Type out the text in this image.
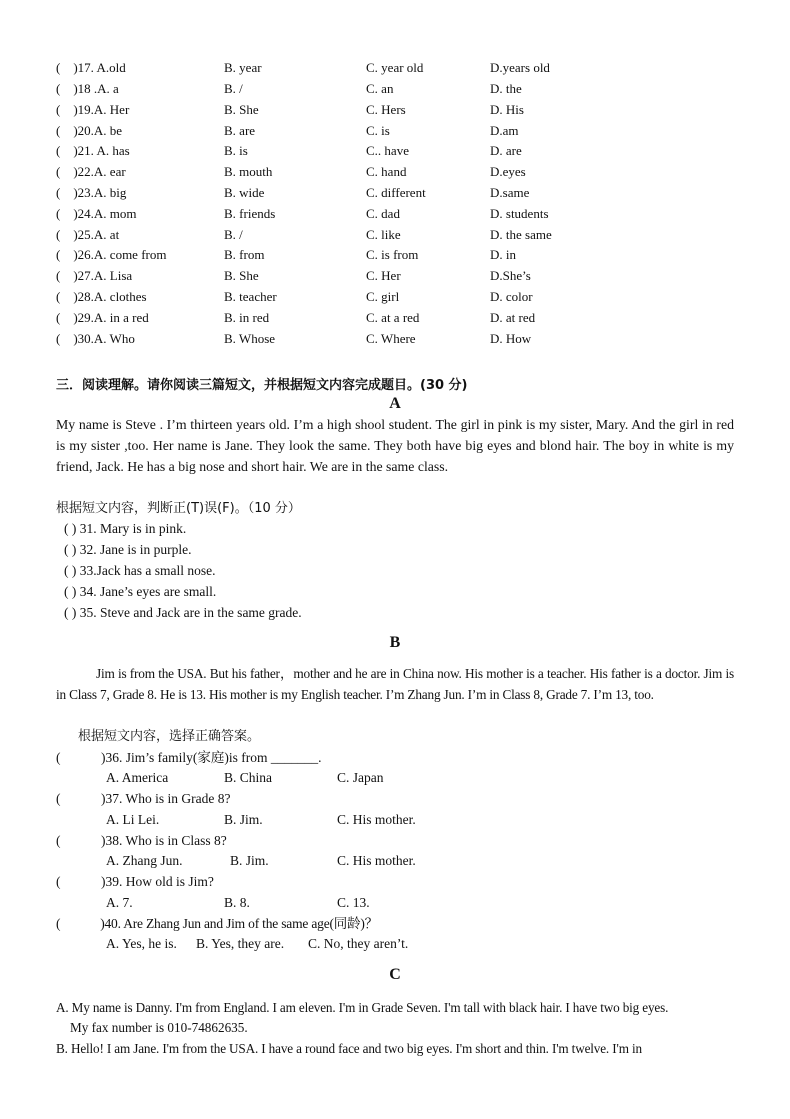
(　)17. A.old	B. year	C. year old	D.years old
(　)18 .A. a	B. /	C. an	D. the
(　)19.A. Her	B. She	C. Hers	D. His
(　)20.A. be	B. are	C. is	D.am
(　)21. A. has	B. is	C.. have	D. are
(　)22.A. ear	B. mouth	C. hand	D.eyes
(　)23.A. big	B. wide	C. different	D.same
(　)24.A. mom	B. friends	C. dad	D. students
(　)25.A. at	B. /	C. like	D. the same
(　)26.A. come from	B. from	C. is from	D. in
(　)27.A. Lisa	B. She	C. Her	D.She’s
(　)28.A. clothes	B. teacher	C. girl	D. color
(　)29.A. in a red	B. in red	C. at a red	D. at red
(　)30.A. Who	B. Whose	C. Where	D. How
三．阅读理解。请你阅读三篇短文，并根据短文内容完成题目。(30 分)
A
My name is Steve . I’m thirteen years old. I’m a high shool student. The girl in pink is my sister, Mary. And the girl in red is my sister ,too. Her name is Jane. They look the same. They both have big eyes and blond hair. The boy in white is my friend, Jack. He has a big nose and short hair. We are in the same class.
根据短文内容，判断正(T)误(F)。（10 分）
( ) 31. Mary is in pink.
( ) 32. Jane is in purple.
( ) 33.Jack has a small nose.
( ) 34. Jane’s eyes are small.
( ) 35. Steve and Jack are in the same grade.
B
Jim is from the USA. But his father，mother and he are in China now. His mother is a teacher. His father is a doctor. Jim is in Class 7, Grade 8. He is 13. His mother is my English teacher. I’m Zhang Jun. I’m in Class 8, Grade 7. I’m 13, too.
根据短文内容，选择正确答案。
(　　　)36. Jim’s family(家庭)is from _______.
A. America	B. China	C. Japan
(　　　)37. Who is in Grade 8?
A. Li Lei.	B. Jim.	C. His mother.
(　　　)38. Who is in Class 8?
A. Zhang Jun.	B. Jim.	C. His mother.
(　　　)39. How old is Jim?
A. 7.	B. 8.	C. 13.
(　　　)40. Are Zhang Jun and Jim of the same age(同龄)？
A. Yes, he is. B. Yes, they are. C. No, they aren’t.
C
A. My name is Danny. I'm from England. I am eleven. I'm in Grade Seven. I'm tall with black hair. I have two big eyes.
My fax number is 010-74862635.
B. Hello! I am Jane. I'm from the USA. I have a round face and two big eyes. I'm short and thin. I'm twelve. I'm in
